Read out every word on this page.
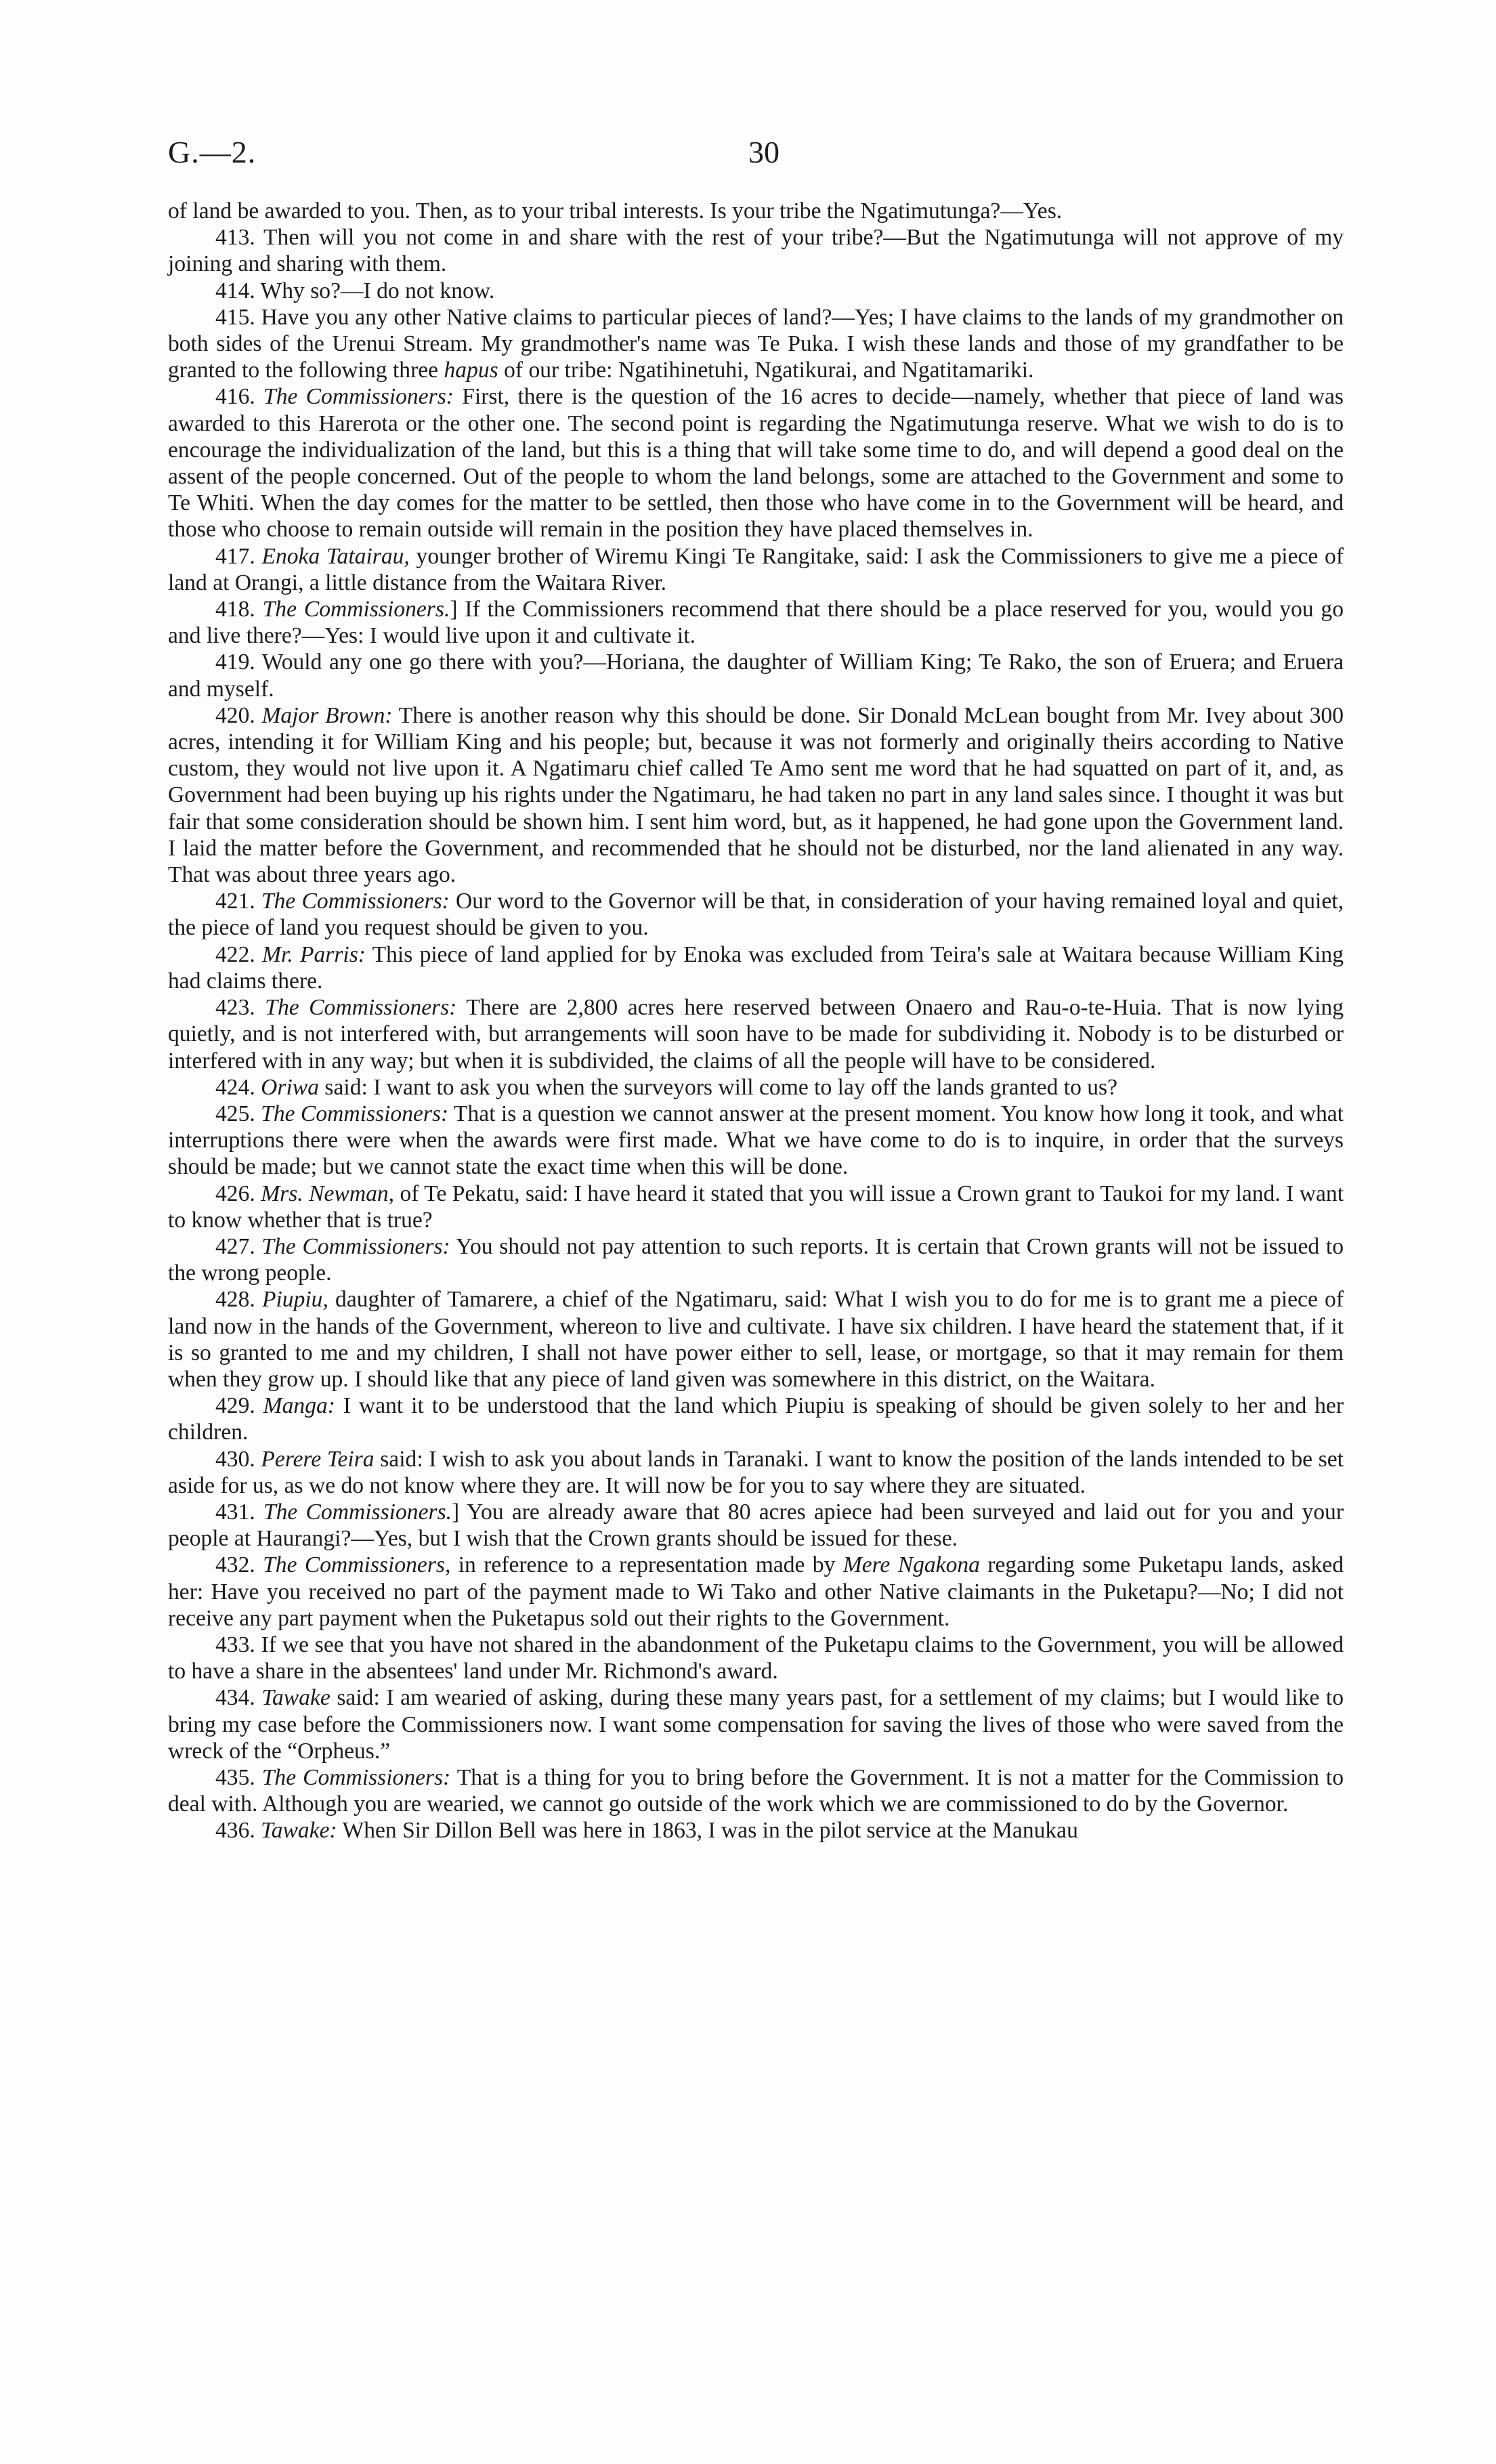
G.—2.	30

of land be awarded to you. Then, as to your tribal interests. Is your tribe the Ngatimutunga?—Yes.

413. Then will you not come in and share with the rest of your tribe?—But the Ngatimutunga will not approve of my joining and sharing with them.

414. Why so?—I do not know.

415. Have you any other Native claims to particular pieces of land?—Yes; I have claims to the lands of my grandmother on both sides of the Urenui Stream. My grandmother's name was Te Puka. I wish these lands and those of my grandfather to be granted to the following three hapus of our tribe: Ngatihinetuhi, Ngatikurai, and Ngatitamariki.

416. The Commissioners: First, there is the question of the 16 acres to decide—namely, whether that piece of land was awarded to this Harerota or the other one. The second point is regarding the Ngatimutunga reserve. What we wish to do is to encourage the individualization of the land, but this is a thing that will take some time to do, and will depend a good deal on the assent of the people concerned. Out of the people to whom the land belongs, some are attached to the Government and some to Te Whiti. When the day comes for the matter to be settled, then those who have come in to the Government will be heard, and those who choose to remain outside will remain in the position they have placed themselves in.

417. Enoka Tatairau, younger brother of Wiremu Kingi Te Rangitake, said: I ask the Commissioners to give me a piece of land at Orangi, a little distance from the Waitara River.

418. The Commissioners.] If the Commissioners recommend that there should be a place reserved for you, would you go and live there?—Yes: I would live upon it and cultivate it.

419. Would any one go there with you?—Horiana, the daughter of William King; Te Rako, the son of Eruera; and Eruera and myself.

420. Major Brown: There is another reason why this should be done. Sir Donald McLean bought from Mr. Ivey about 300 acres, intending it for William King and his people; but, because it was not formerly and originally theirs according to Native custom, they would not live upon it. A Ngatimaru chief called Te Amo sent me word that he had squatted on part of it, and, as Government had been buying up his rights under the Ngatimaru, he had taken no part in any land sales since. I thought it was but fair that some consideration should be shown him. I sent him word, but, as it happened, he had gone upon the Government land. I laid the matter before the Government, and recommended that he should not be disturbed, nor the land alienated in any way. That was about three years ago.

421. The Commissioners: Our word to the Governor will be that, in consideration of your having remained loyal and quiet, the piece of land you request should be given to you.

422. Mr. Parris: This piece of land applied for by Enoka was excluded from Teira's sale at Waitara because William King had claims there.

423. The Commissioners: There are 2,800 acres here reserved between Onaero and Rau-o-te-Huia. That is now lying quietly, and is not interfered with, but arrangements will soon have to be made for subdividing it. Nobody is to be disturbed or interfered with in any way; but when it is subdivided, the claims of all the people will have to be considered.

424. Oriwa said: I want to ask you when the surveyors will come to lay off the lands granted to us?

425. The Commissioners: That is a question we cannot answer at the present moment. You know how long it took, and what interruptions there were when the awards were first made. What we have come to do is to inquire, in order that the surveys should be made; but we cannot state the exact time when this will be done.

426. Mrs. Newman, of Te Pekatu, said: I have heard it stated that you will issue a Crown grant to Taukoi for my land. I want to know whether that is true?

427. The Commissioners: You should not pay attention to such reports. It is certain that Crown grants will not be issued to the wrong people.

428. Piupiu, daughter of Tamarere, a chief of the Ngatimaru, said: What I wish you to do for me is to grant me a piece of land now in the hands of the Government, whereon to live and cultivate. I have six children. I have heard the statement that, if it is so granted to me and my children, I shall not have power either to sell, lease, or mortgage, so that it may remain for them when they grow up. I should like that any piece of land given was somewhere in this district, on the Waitara.

429. Manga: I want it to be understood that the land which Piupiu is speaking of should be given solely to her and her children.

430. Perere Teira said: I wish to ask you about lands in Taranaki. I want to know the position of the lands intended to be set aside for us, as we do not know where they are. It will now be for you to say where they are situated.

431. The Commissioners.] You are already aware that 80 acres apiece had been surveyed and laid out for you and your people at Haurangi?—Yes, but I wish that the Crown grants should be issued for these.

432. The Commissioners, in reference to a representation made by Mere Ngakona regarding some Puketapu lands, asked her: Have you received no part of the payment made to Wi Tako and other Native claimants in the Puketapu?—No; I did not receive any part payment when the Puketapus sold out their rights to the Government.

433. If we see that you have not shared in the abandonment of the Puketapu claims to the Government, you will be allowed to have a share in the absentees' land under Mr. Richmond's award.

434. Tawake said: I am wearied of asking, during these many years past, for a settlement of my claims; but I would like to bring my case before the Commissioners now. I want some compensation for saving the lives of those who were saved from the wreck of the “Orpheus.”

435. The Commissioners: That is a thing for you to bring before the Government. It is not a matter for the Commission to deal with. Although you are wearied, we cannot go outside of the work which we are commissioned to do by the Governor.

436. Tawake: When Sir Dillon Bell was here in 1863, I was in the pilot service at the Manukau
